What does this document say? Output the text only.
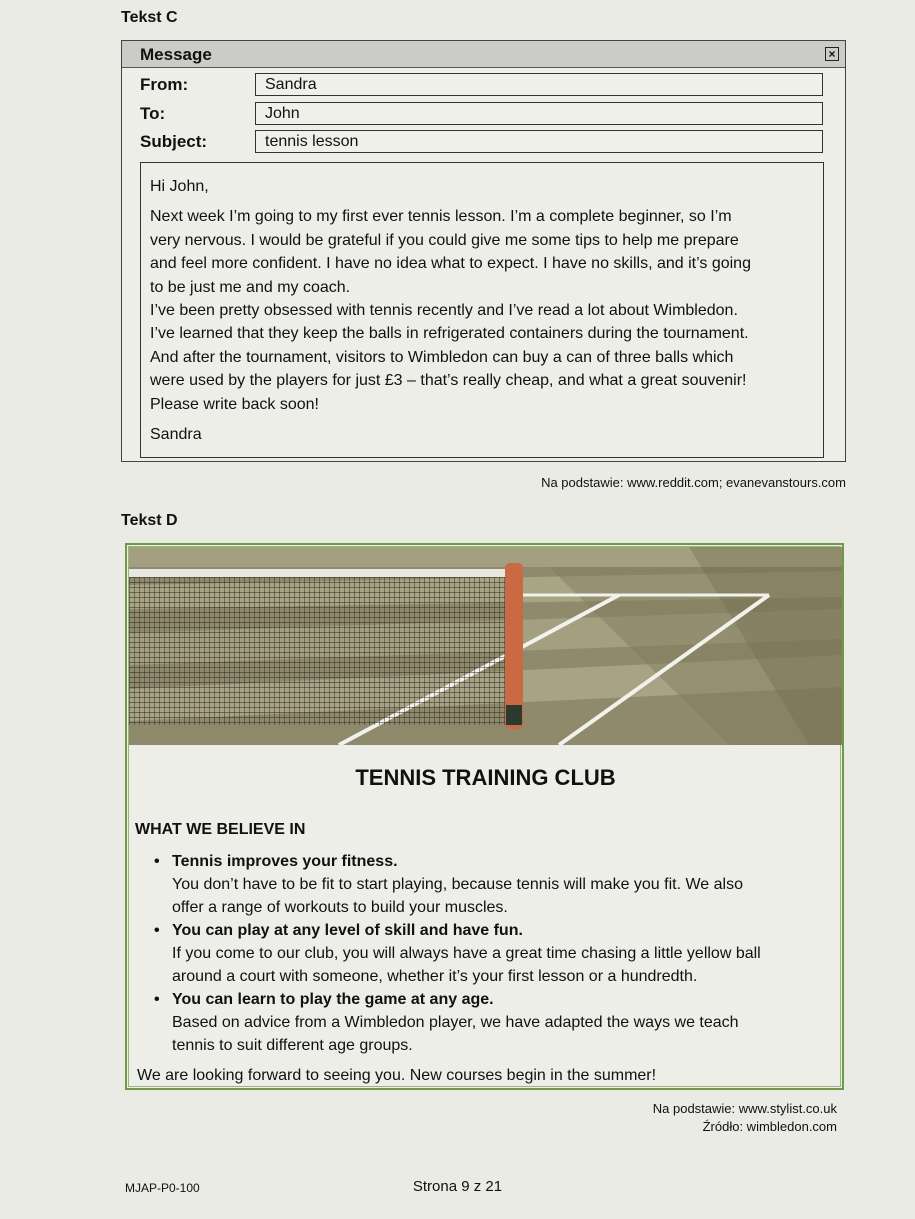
Tekst C
Message	×
From:	Sandra
To:	John
Subject:	tennis lesson

Hi John,

Next week I’m going to my first ever tennis lesson. I’m a complete beginner, so I’m

very nervous. I would be grateful if you could give me some tips to help me prepare

and feel more confident. I have no idea what to expect. I have no skills, and it’s going

to be just me and my coach.

I’ve been pretty obsessed with tennis recently and I’ve read a lot about Wimbledon.

I’ve learned that they keep the balls in refrigerated containers during the tournament.

And after the tournament, visitors to Wimbledon can buy a can of three balls which

were used by the players for just £3 – that’s really cheap, and what a great souvenir!

Please write back soon!

Sandra

Na podstawie: www.reddit.com; evanevanstours.com
Tekst D
TENNIS TRAINING CLUB
WHAT WE BELIEVE IN
• Tennis improves your fitness.
You don’t have to be fit to start playing, because tennis will make you fit. We also
offer a range of workouts to build your muscles.
• You can play at any level of skill and have fun.
If you come to our club, you will always have a great time chasing a little yellow ball
around a court with someone, whether it’s your first lesson or a hundredth.
• You can learn to play the game at any age.
Based on advice from a Wimbledon player, we have adapted the ways we teach
tennis to suit different age groups.
We are looking forward to seeing you. New courses begin in the summer!
Na podstawie: www.stylist.co.uk
Źródło: wimbledon.com
MJAP-P0-100	Strona 9 z 21
